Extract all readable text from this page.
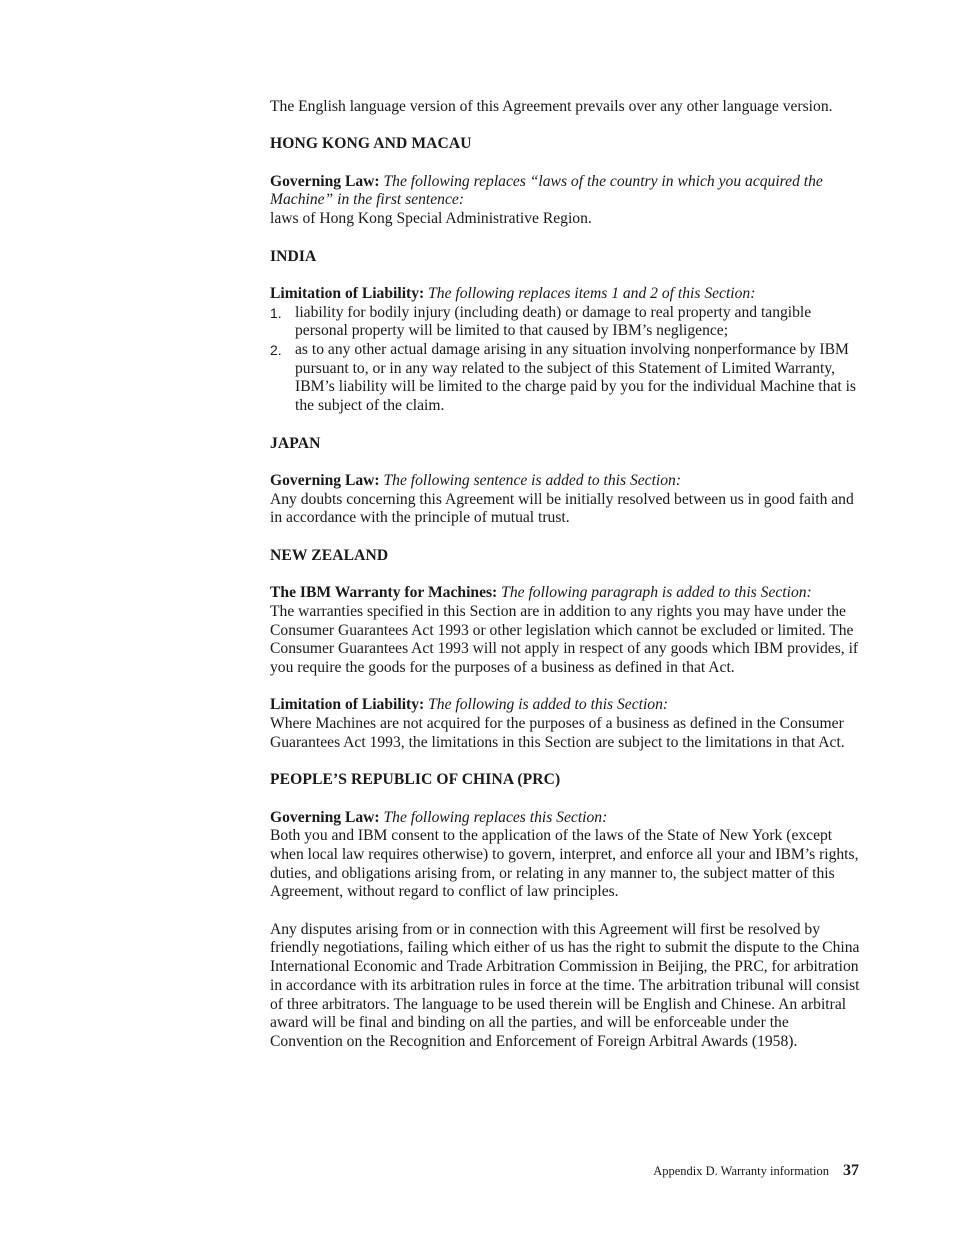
The English language version of this Agreement prevails over any other language version.

HONG KONG AND MACAU
Governing Law: The following replaces “laws of the country in which you acquired the Machine” in the first sentence:

laws of Hong Kong Special Administrative Region.

INDIA
Limitation of Liability: The following replaces items 1 and 2 of this Section:
1. liability for bodily injury (including death) or damage to real property and tangible personal property will be limited to that caused by IBM’s negligence;
2. as to any other actual damage arising in any situation involving nonperformance by IBM pursuant to, or in any way related to the subject of this Statement of Limited Warranty, IBM’s liability will be limited to the charge paid by you for the individual Machine that is the subject of the claim.
JAPAN
Governing Law: The following sentence is added to this Section:

Any doubts concerning this Agreement will be initially resolved between us in good faith and in accordance with the principle of mutual trust.

NEW ZEALAND
The IBM Warranty for Machines: The following paragraph is added to this Section:

The warranties specified in this Section are in addition to any rights you may have under the Consumer Guarantees Act 1993 or other legislation which cannot be excluded or limited. The Consumer Guarantees Act 1993 will not apply in respect of any goods which IBM provides, if you require the goods for the purposes of a business as defined in that Act.

Limitation of Liability: The following is added to this Section:

Where Machines are not acquired for the purposes of a business as defined in the Consumer Guarantees Act 1993, the limitations in this Section are subject to the limitations in that Act.

PEOPLE’S REPUBLIC OF CHINA (PRC)
Governing Law: The following replaces this Section:

Both you and IBM consent to the application of the laws of the State of New York (except when local law requires otherwise) to govern, interpret, and enforce all your and IBM’s rights, duties, and obligations arising from, or relating in any manner to, the subject matter of this Agreement, without regard to conflict of law principles.

Any disputes arising from or in connection with this Agreement will first be resolved by friendly negotiations, failing which either of us has the right to submit the dispute to the China International Economic and Trade Arbitration Commission in Beijing, the PRC, for arbitration in accordance with its arbitration rules in force at the time. The arbitration tribunal will consist of three arbitrators. The language to be used therein will be English and Chinese. An arbitral award will be final and binding on all the parties, and will be enforceable under the Convention on the Recognition and Enforcement of Foreign Arbitral Awards (1958).

Appendix D. Warranty information 37
